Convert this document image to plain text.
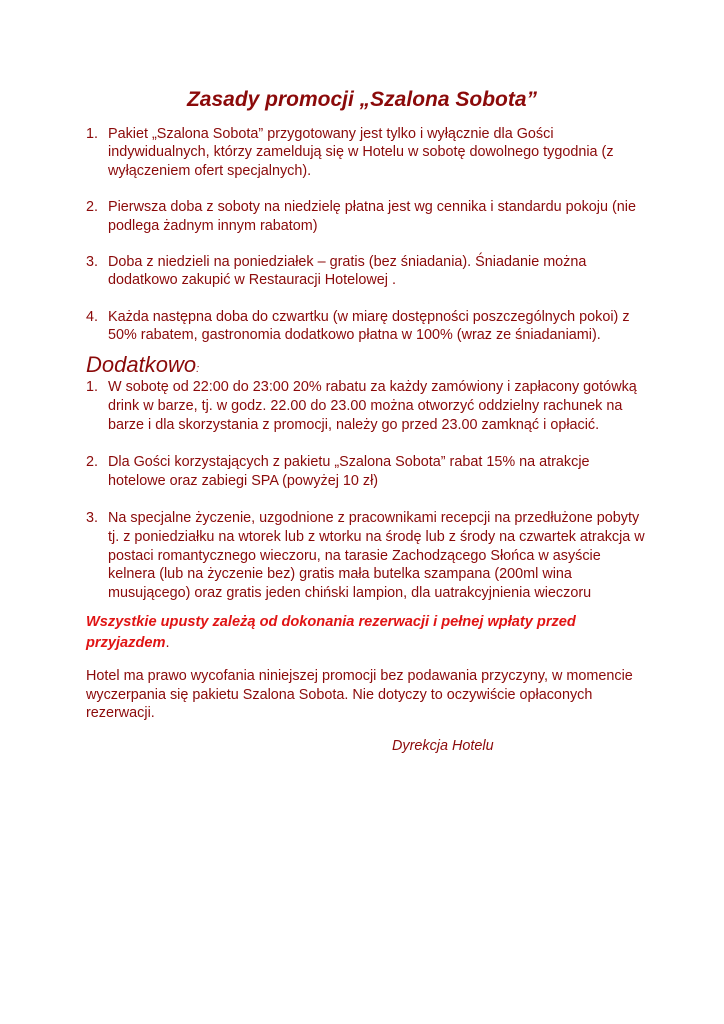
Zasady promocji „Szalona Sobota”
1. Pakiet „Szalona Sobota” przygotowany jest tylko i wyłącznie dla Gości indywidualnych, którzy zameldują się w Hotelu w sobotę dowolnego tygodnia (z wyłączeniem ofert specjalnych).
2. Pierwsza doba z soboty na niedzielę płatna jest wg cennika i standardu pokoju (nie podlega żadnym innym rabatom)
3. Doba z niedzieli na poniedziałek – gratis (bez śniadania). Śniadanie można dodatkowo zakupić w Restauracji Hotelowej .
4. Każda następna doba do czwartku (w miarę dostępności poszczególnych pokoi) z 50% rabatem, gastronomia dodatkowo płatna w 100% (wraz ze śniadaniami).
Dodatkowo:
1. W sobotę od 22:00 do 23:00 20% rabatu za każdy zamówiony i zapłacony gotówką drink w barze, tj. w godz. 22.00 do 23.00 można otworzyć oddzielny rachunek na barze i dla skorzystania z promocji, należy go przed 23.00 zamknąć i opłacić.
2. Dla Gości korzystających z pakietu „Szalona Sobota” rabat 15% na atrakcje hotelowe oraz zabiegi SPA (powyżej 10 zł)
3. Na specjalne życzenie, uzgodnione z pracownikami recepcji na przedłużone pobyty tj. z poniedziałku na wtorek lub z wtorku na środę lub z środy na czwartek atrakcja w postaci romantycznego wieczoru, na tarasie Zachodzącego Słońca w asyście kelnera (lub na życzenie bez) gratis mała butelka szampana (200ml wina musującego) oraz gratis jeden chiński lampion, dla uatrakcyjnienia wieczoru

Wszystkie upusty zależą od dokonania rezerwacji i pełnej wpłaty przed przyjazdem.

Hotel ma prawo wycofania niniejszej promocji bez podawania przyczyny, w momencie wyczerpania się pakietu Szalona Sobota. Nie dotyczy to oczywiście opłaconych rezerwacji.

Dyrekcja Hotelu
